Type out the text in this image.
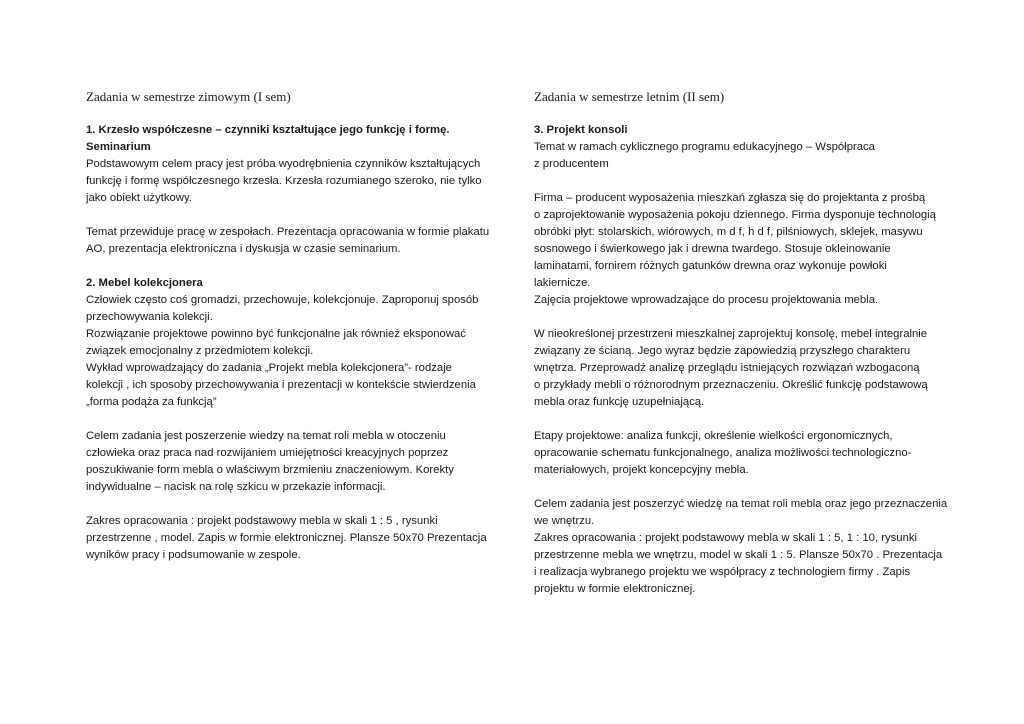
Zadania w semestrze zimowym (I sem)
1. Krzesło współczesne – czynniki kształtujące jego funkcję i formę.
Seminarium
Podstawowym celem pracy jest próba wyodrębnienia czynników kształtujących
funkcję i formę współczesnego krzesła. Krzesła rozumianego szeroko, nie tylko
jako obiekt użytkowy.
Temat przewiduje pracę w zespołach. Prezentacja opracowania w formie plakatu
AO, prezentacja elektroniczna i dyskusja w czasie seminarium.
2. Mebel kolekcjonera
Człowiek często coś gromadzi, przechowuje, kolekcjonuje. Zaproponuj sposób
przechowywania kolekcji.
Rozwiązanie projektowe powinno być funkcjonalne jak również eksponować
związek emocjonalny z przedmiotem kolekcji.
Wykład wprowadzający do zadania „Projekt mebla kolekcjonera”- rodzaje
kolekcji , ich sposoby przechowywania i prezentacji w kontekście stwierdzenia
„forma podąża za funkcją”
Celem zadania jest poszerzenie wiedzy na temat roli mebla w otoczeniu
człowieka oraz praca nad rozwijaniem umiejętności kreacyjnych poprzez
poszukiwanie form mebla o właściwym brzmieniu znaczeniowym. Korekty
indywidualne – nacisk na rolę szkicu w przekazie informacji.
Zakres opracowania : projekt podstawowy mebla w skali 1 : 5 , rysunki
przestrzenne , model. Zapis w formie elektronicznej. Plansze 50x70 Prezentacja
wyników pracy i podsumowanie w zespole.
Zadania w semestrze letnim (II sem)
3. Projekt konsoli
Temat w ramach cyklicznego programu edukacyjnego – Współpraca
z producentem
Firma – producent wyposażenia mieszkań zgłasza się do projektanta z prośbą
o zaprojektowanie wyposażenia pokoju dziennego. Firma dysponuje technologią
obróbki płyt: stolarskich, wiórowych, m d f, h d f, pilśniowych, sklejek, masywu
sosnowego i świerkowego jak i drewna twardego. Stosuje okleinowanie
laminatami, fornirem różnych gatunków drewna oraz wykonuje powłoki
lakiernicze.
Zajęcia projektowe wprowadzające do procesu projektowania mebla.
W nieokreślonej przestrzeni mieszkalnej zaprojektuj konsolę, mebel integralnie
związany ze ścianą. Jego wyraz będzie zapowiedzią przyszłego charakteru
wnętrza. Przeprowadź analizę przeglądu istniejących rozwiązań wzbogaconą
o przykłady mebli o różnorodnym przeznaczeniu. Określić funkcję podstawową
mebla oraz funkcję uzupełniającą.
Etapy projektowe: analiza funkcji, określenie wielkości ergonomicznych,
opracowanie schematu funkcjonalnego, analiza możliwości technologiczno-
materiałowych, projekt koncepcyjny mebla.
Celem zadania jest poszerzyć wiedzę na temat roli mebla oraz jego przeznaczenia
we wnętrzu.
Zakres opracowania : projekt podstawowy mebla w skali 1 : 5, 1 : 10, rysunki
przestrzenne mebla we wnętrzu, model w skali 1 : 5. Plansze 50x70 . Prezentacja
i realizacja wybranego projektu we współpracy z technologiem firmy . Zapis
projektu w formie elektronicznej.
